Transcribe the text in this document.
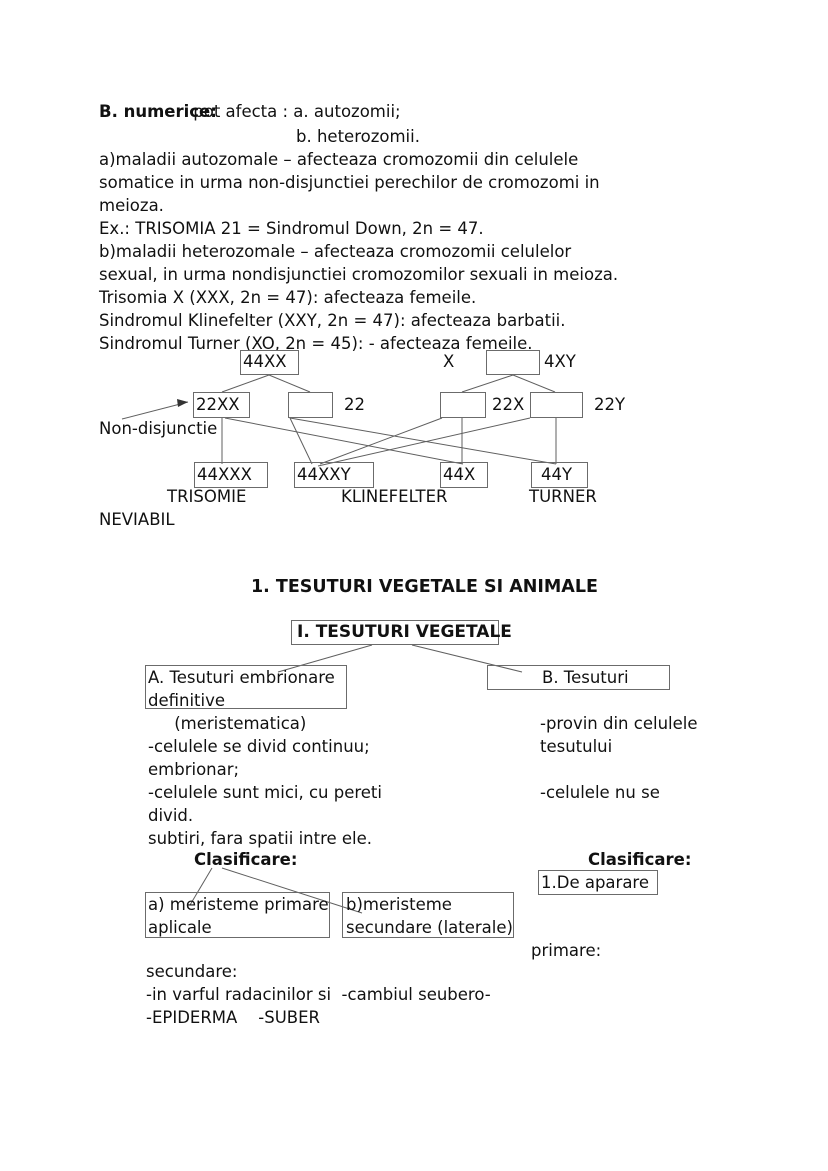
B. numerice:
pot afecta : a. autozomii;
b. heterozomii.
a)maladii autozomale – afecteaza cromozomii din celulele
somatice in urma non-disjunctiei perechilor de cromozomi in
meioza.
Ex.: TRISOMIA 21 = Sindromul Down, 2n = 47.
b)maladii heterozomale – afecteaza cromozomii celulelor
sexual, in urma nondisjunctiei cromozomilor sexuali in meioza.
Trisomia X (XXX, 2n = 47): afecteaza femeile.
Sindromul Klinefelter (XXY, 2n = 47): afecteaza barbatii.
Sindromul Turner (XO, 2n = 45): - afecteaza femeile.
44XX	X	4XY
22XX	22	22X	22Y
Non-disjunctie
44XXX	44XXY	44X	44Y
TRISOMIE	KLINEFELTER	TURNER
NEVIABIL
1. TESUTURI VEGETALE SI ANIMALE
I. TESUTURI VEGETALE
A. Tesuturi embrionare
definitive
B. Tesuturi
(meristematica)
-celulele se divid continuu;
embrionar;
-celulele sunt mici, cu pereti
divid.
subtiri, fara spatii intre ele.
-provin din celulele
tesutului
-celulele nu se
Clasificare:	Clasificare:
1.De aparare
a) meristeme primare
aplicale
b)meristeme
secundare (laterale)
primare:
secundare:
-in varful radacinilor si  -cambiul seubero-
-EPIDERMA    -SUBER
